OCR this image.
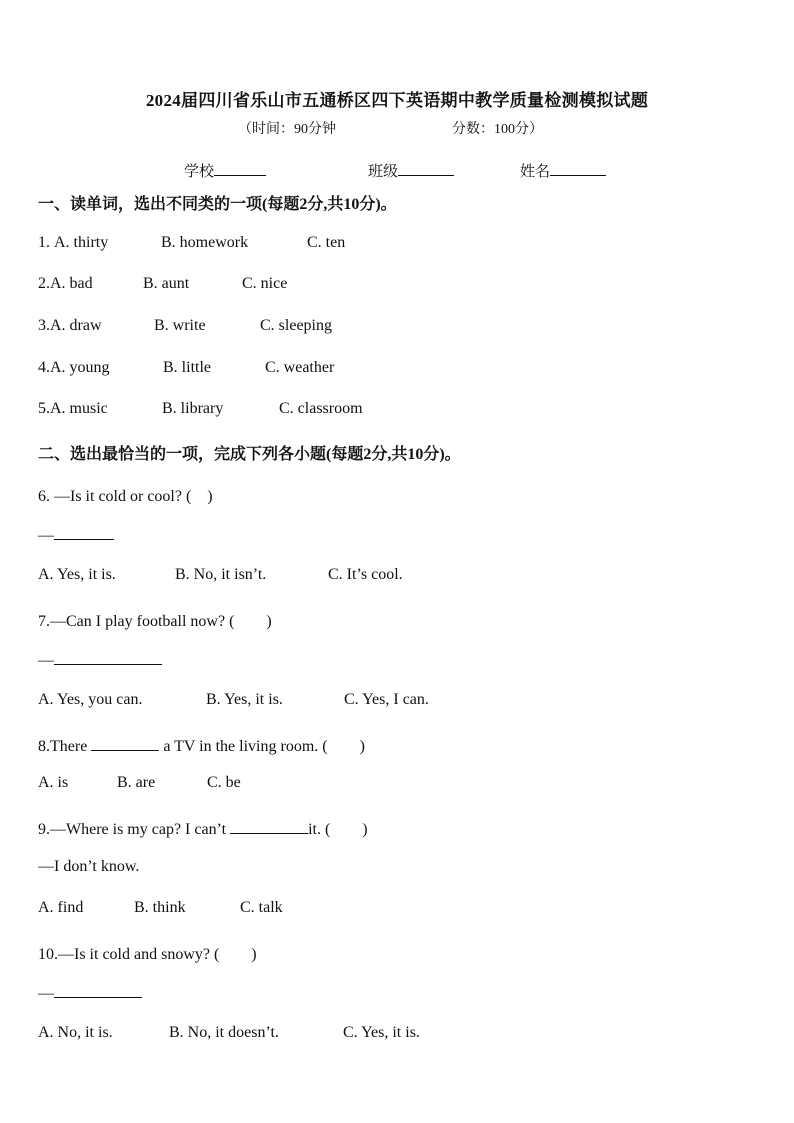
2024届四川省乐山市五通桥区四下英语期中教学质量检测模拟试题
（时间：90分钟	分数：100分）
学校	班级	姓名
一、读单词，选出不同类的一项(每题2分,共10分)。
1. A. thirty	B. homework	C. ten
2.A. bad	B. aunt	C. nice
3.A. draw	B. write	C. sleeping
4.A. young	B. little	C. weather
5.A. music	B. library	C. classroom
二、选出最恰当的一项，完成下列各小题(每题2分,共10分)。
6. —Is it cold or cool? (　)
—
A. Yes, it is.	B. No, it isn’t.	C. It’s cool.
7.—Can I play football now? (　　)
—
A. Yes, you can.	B. Yes, it is.	C. Yes, I can.
8.There	a TV in the living room. (　　)
A. is	B. are	C. be
9.—Where is my cap? I can’t	it. (　　)
—I don’t know.
A. find	B. think	C. talk
10.—Is it cold and snowy? (　　)
—
A. No, it is.	B. No, it doesn’t.	C. Yes, it is.
